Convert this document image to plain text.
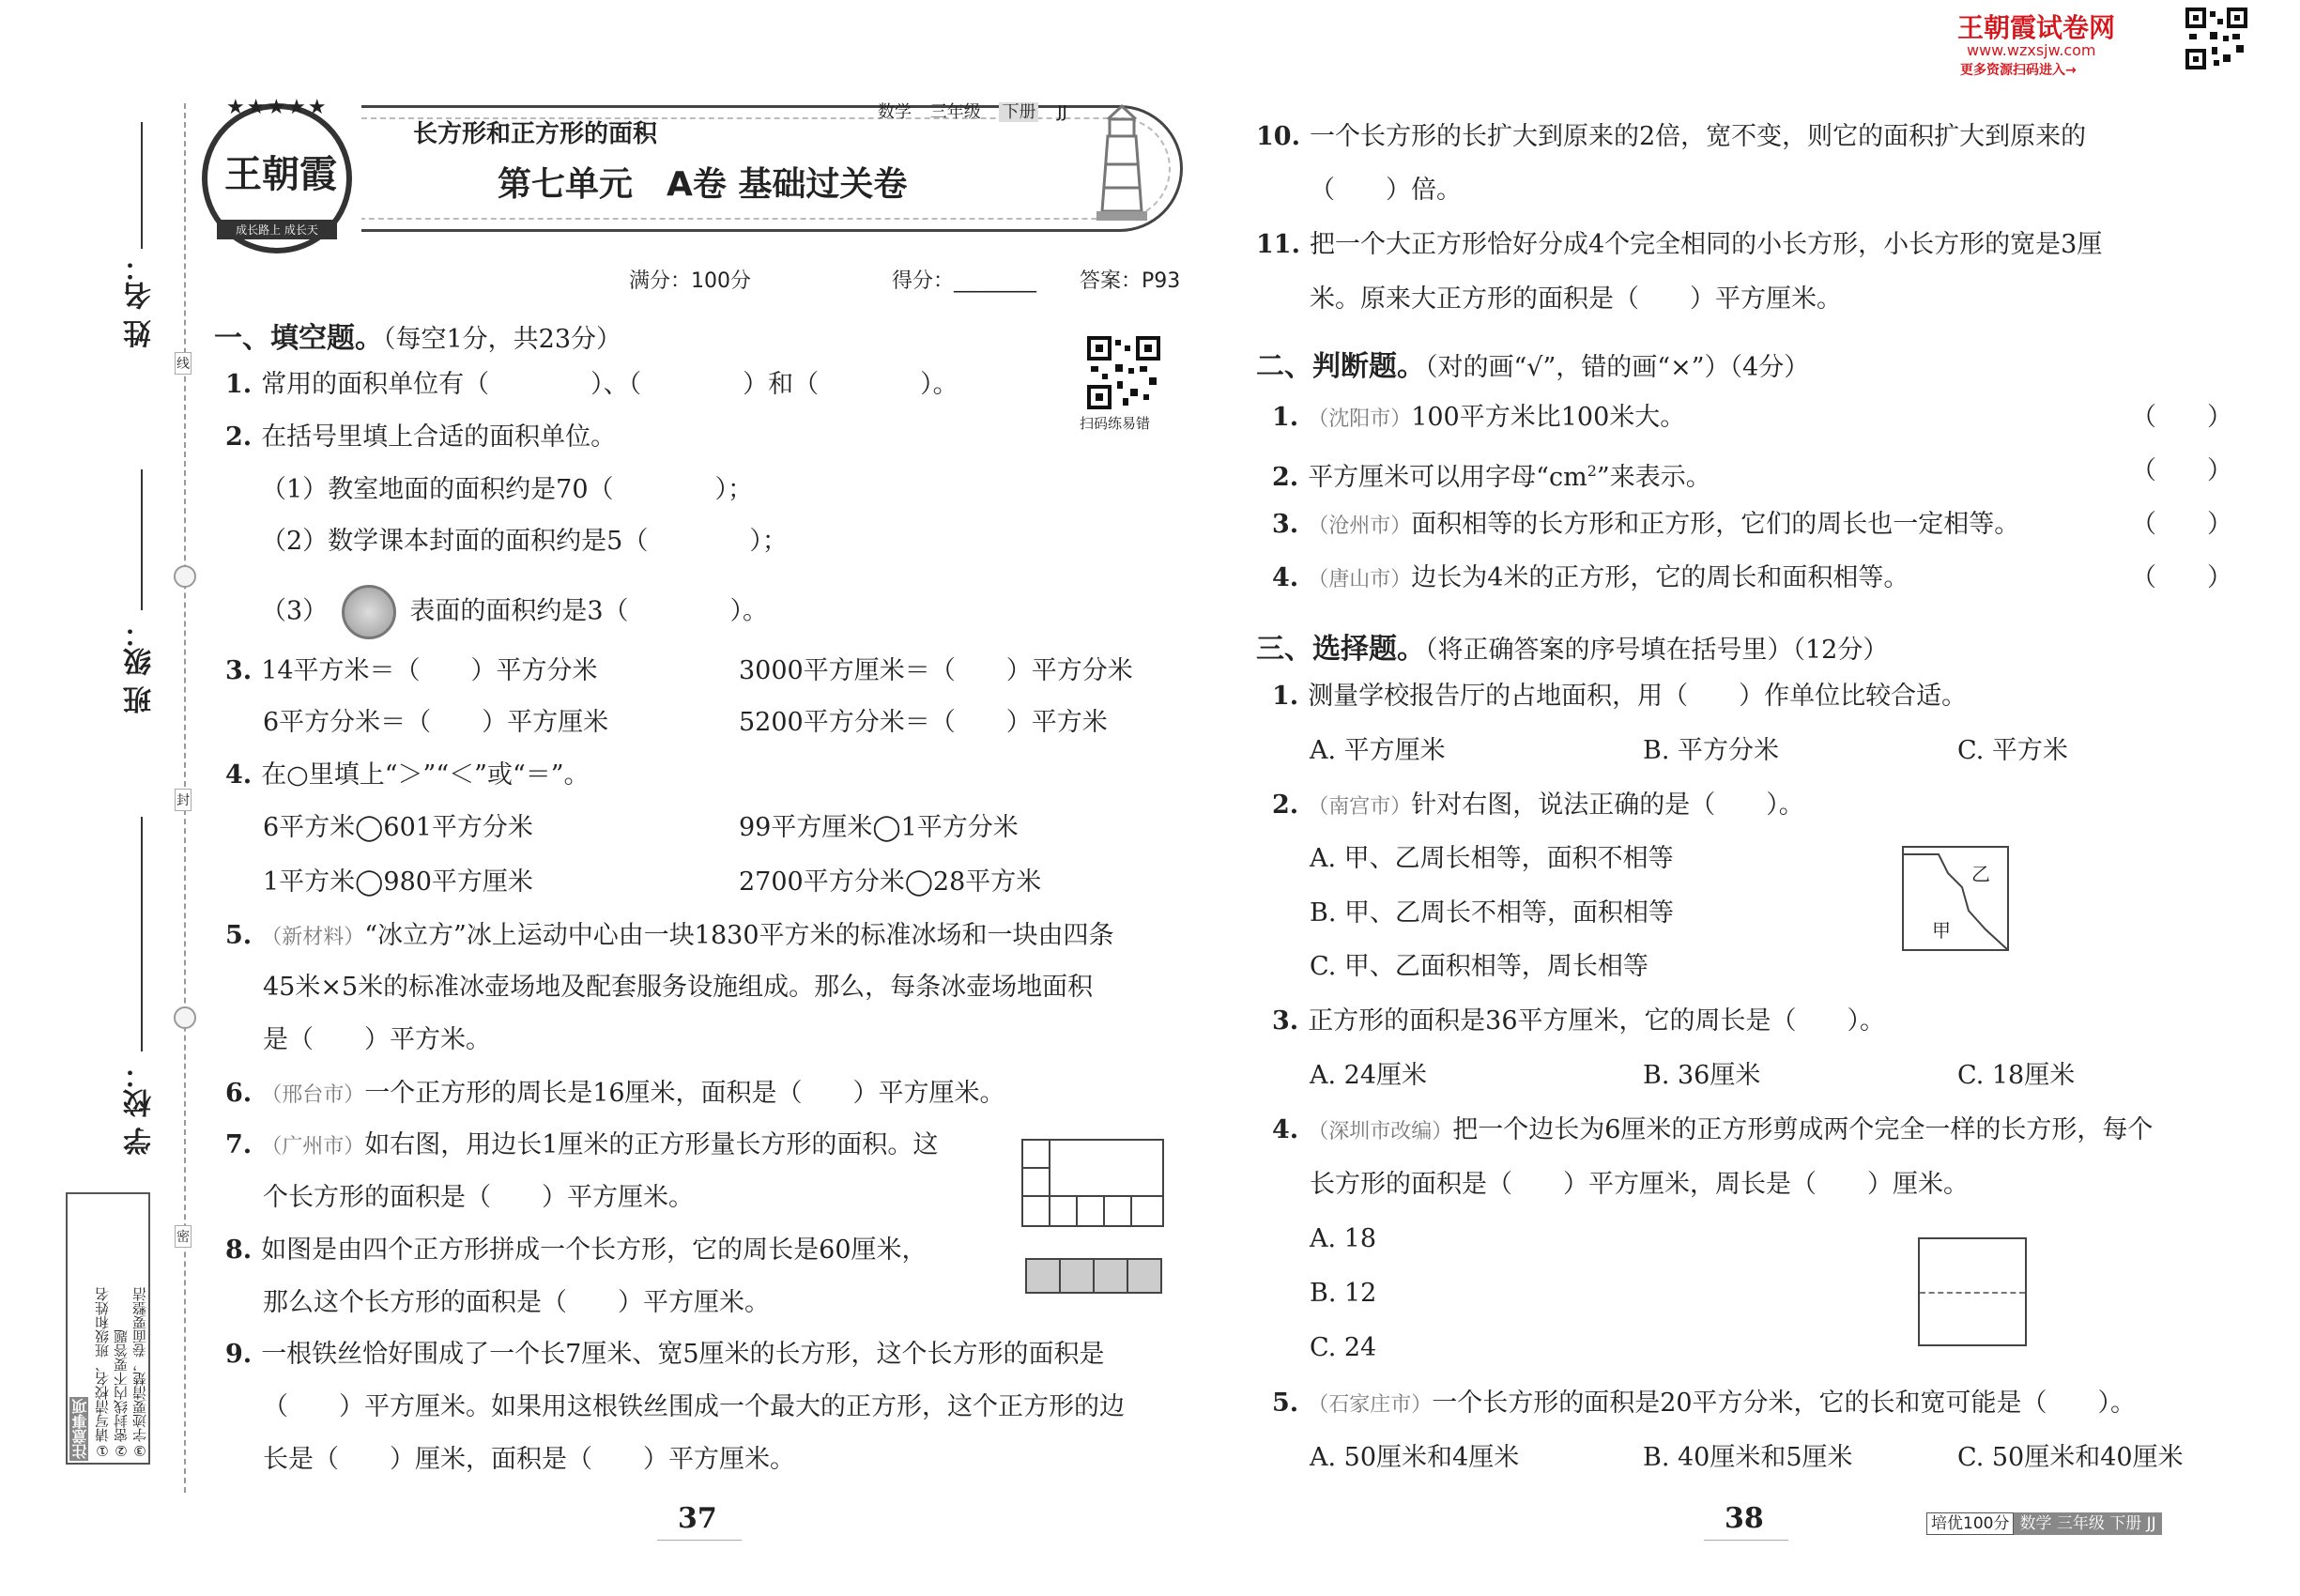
姓 名：
班 级：
学 校：
线
封
密
注意事项 ①请写清校名、班级和姓名 ②密封线内不要答题 ③字迹要清楚，卷面要整洁
★★★★★
王朝霞
成长路上 成长天
长方形和正方形的面积
数学 三年级 下册 JJ
第七单元　A卷 基础过关卷
满分：100分	得分：________ 答案：P93
扫码练易错
一、填空题。（每空1分，共23分）
1. 常用的面积单位有（　　　　）、（　　　　）和（　　　　）。
2. 在括号里填上合适的面积单位。
（1）教室地面的面积约是70（　　　　）；
（2）数学课本封面的面积约是5（　　　　）；
（3）	表面的面积约是3（　　　　）。
3. 14平方米＝（　　）平方分米	3000平方厘米＝（　　）平方分米
6平方分米＝（　　）平方厘米	5200平方分米＝（　　）平方米
4. 在○里填上“＞”“＜”或“＝”。
6平方米◯601平方分米	99平方厘米◯1平方分米
1平方米◯980平方厘米	2700平方分米◯28平方米
5. （新材料）“冰立方”冰上运动中心由一块1830平方米的标准冰场和一块由四条
45米×5米的标准冰壶场地及配套服务设施组成。那么，每条冰壶场地面积
是（　　）平方米。
6. （邢台市）一个正方形的周长是16厘米，面积是（　　）平方厘米。
7. （广州市）如右图，用边长1厘米的正方形量长方形的面积。这
个长方形的面积是（　　）平方厘米。
8. 如图是由四个正方形拼成一个长方形，它的周长是60厘米，
那么这个长方形的面积是（　　）平方厘米。
9. 一根铁丝恰好围成了一个长7厘米、宽5厘米的长方形，这个长方形的面积是
（　　）平方厘米。如果用这根铁丝围成一个最大的正方形，这个正方形的边
长是（　　）厘米，面积是（　　）平方厘米。
37
王朝霞试卷网
www.wzxsjw.com
更多资源扫码进入→
10. 一个长方形的长扩大到原来的2倍，宽不变，则它的面积扩大到原来的
（　　）倍。
11. 把一个大正方形恰好分成4个完全相同的小长方形，小长方形的宽是3厘
米。原来大正方形的面积是（　　）平方厘米。
二、判断题。（对的画“√”，错的画“×”）（4分）
1. （沈阳市）100平方米比100米大。	（　　）
2. 平方厘米可以用字母“$cm^2$”来表示。	（　　）
3. （沧州市）面积相等的长方形和正方形，它们的周长也一定相等。	（　　）
4. （唐山市）边长为4米的正方形，它的周长和面积相等。	（　　）
三、选择题。（将正确答案的序号填在括号里）（12分）
1. 测量学校报告厅的占地面积，用（　　）作单位比较合适。
A. 平方厘米	B. 平方分米	C. 平方米
2. （南宫市）针对右图，说法正确的是（　　）。
A. 甲、乙周长相等，面积不相等
B. 甲、乙周长不相等，面积相等
C. 甲、乙面积相等，周长相等
乙
甲
3. 正方形的面积是36平方厘米，它的周长是（　　）。
A. 24厘米	B. 36厘米	C. 18厘米
4. （深圳市改编）把一个边长为6厘米的正方形剪成两个完全一样的长方形，每个
长方形的面积是（　　）平方厘米，周长是（　　）厘米。
A. 18
B. 12
C. 24
5. （石家庄市）一个长方形的面积是20平方分米，它的长和宽可能是（　　）。
A. 50厘米和4厘米	B. 40厘米和5厘米	C. 50厘米和40厘米
38	培优100分 数学 三年级 下册 JJ
